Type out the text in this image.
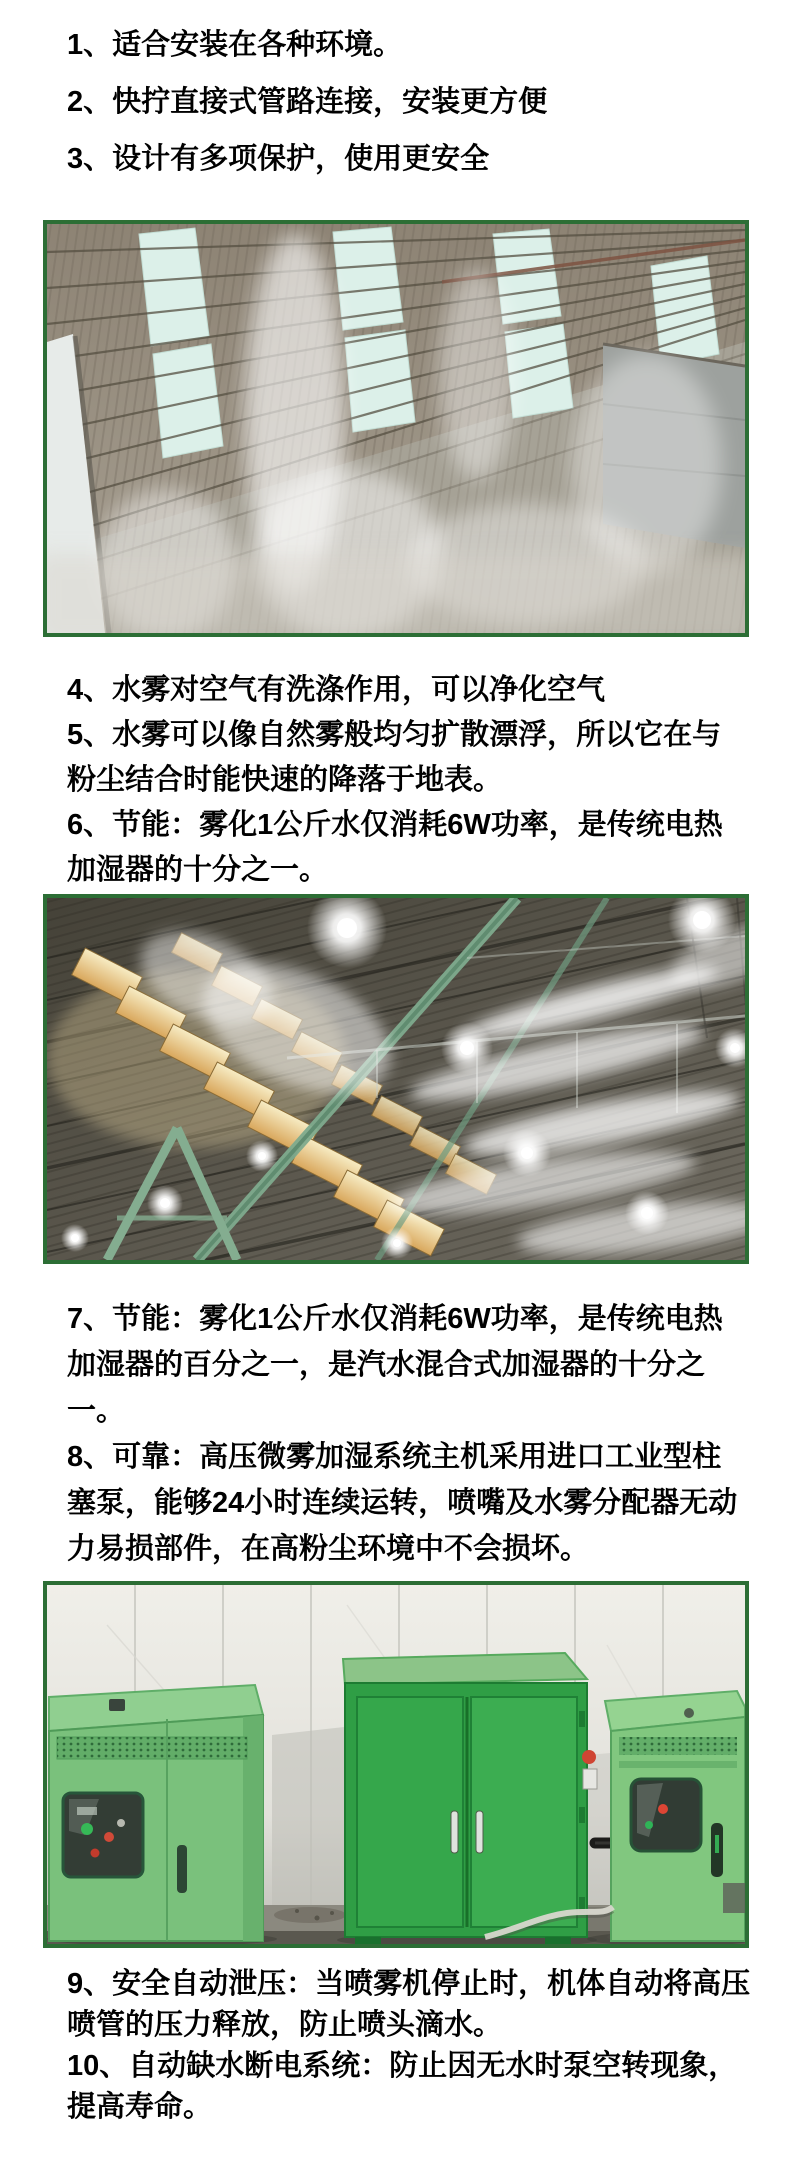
1、适合安装在各种环境。

2、快拧直接式管路连接，安装更方便

3、设计有多项保护，使用更安全

4、水雾对空气有洗涤作用，可以净化空气

5、水雾可以像自然雾般均匀扩散漂浮，所以它在与粉尘结合时能快速的降落于地表。

6、节能：雾化1公斤水仅消耗6W功率，是传统电热加湿器的十分之一。

7、节能：雾化1公斤水仅消耗6W功率，是传统电热加湿器的百分之一，是汽水混合式加湿器的十分之一。

8、可靠：高压微雾加湿系统主机采用进口工业型柱塞泵，能够24小时连续运转，喷嘴及水雾分配器无动力易损部件，在高粉尘环境中不会损坏。

9、安全自动泄压：当喷雾机停止时，机体自动将高压喷管的压力释放，防止喷头滴水。

10、自动缺水断电系统：防止因无水时泵空转现象，提高寿命。
